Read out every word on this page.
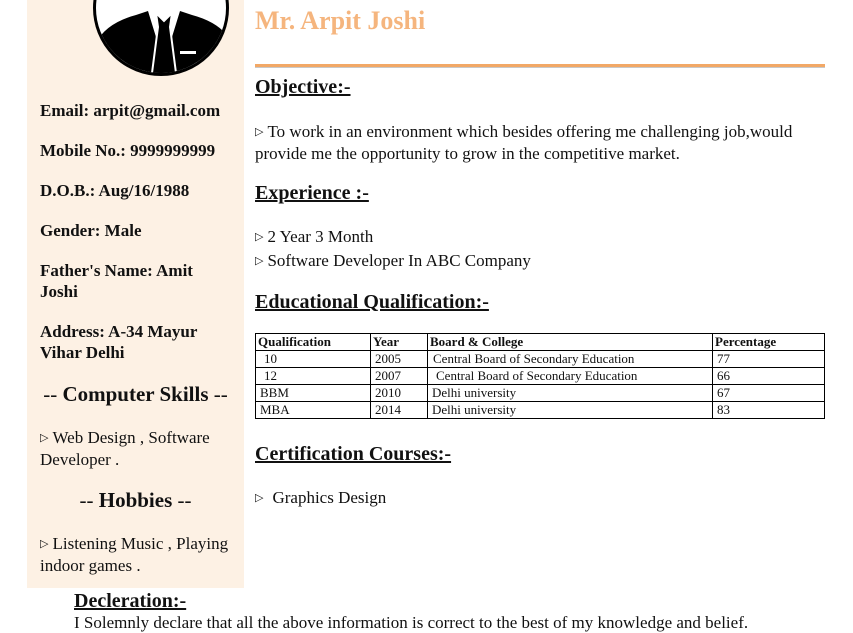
Email: arpit@gmail.com
Mobile No.: 9999999999
D.O.B.: Aug/16/1988
Gender: Male
Father's Name: Amit Joshi
Address: A-34 Mayur Vihar Delhi
-- Computer Skills --
▷ Web Design , Software Developer .
-- Hobbies --
▷ Listening Music , Playing indoor games .
Mr. Arpit Joshi
Objective:-
▷ To work in an environment which besides offering me challenging job,would provide me the opportunity to grow in the competitive market.
Experience :-
▷ 2 Year 3 Month
▷ Software Developer In ABC Company
Educational Qualification:-
Qualification	Year	Board & College	Percentage
10	2005	Central Board of Secondary Education	77
12	2007	Central Board of Secondary Education	66
BBM	2010	Delhi university	67
MBA	2014	Delhi university	83
Certification Courses:-
▷ Graphics Design
Decleration:-
I Solemnly declare that all the above information is correct to the best of my knowledge and belief.
